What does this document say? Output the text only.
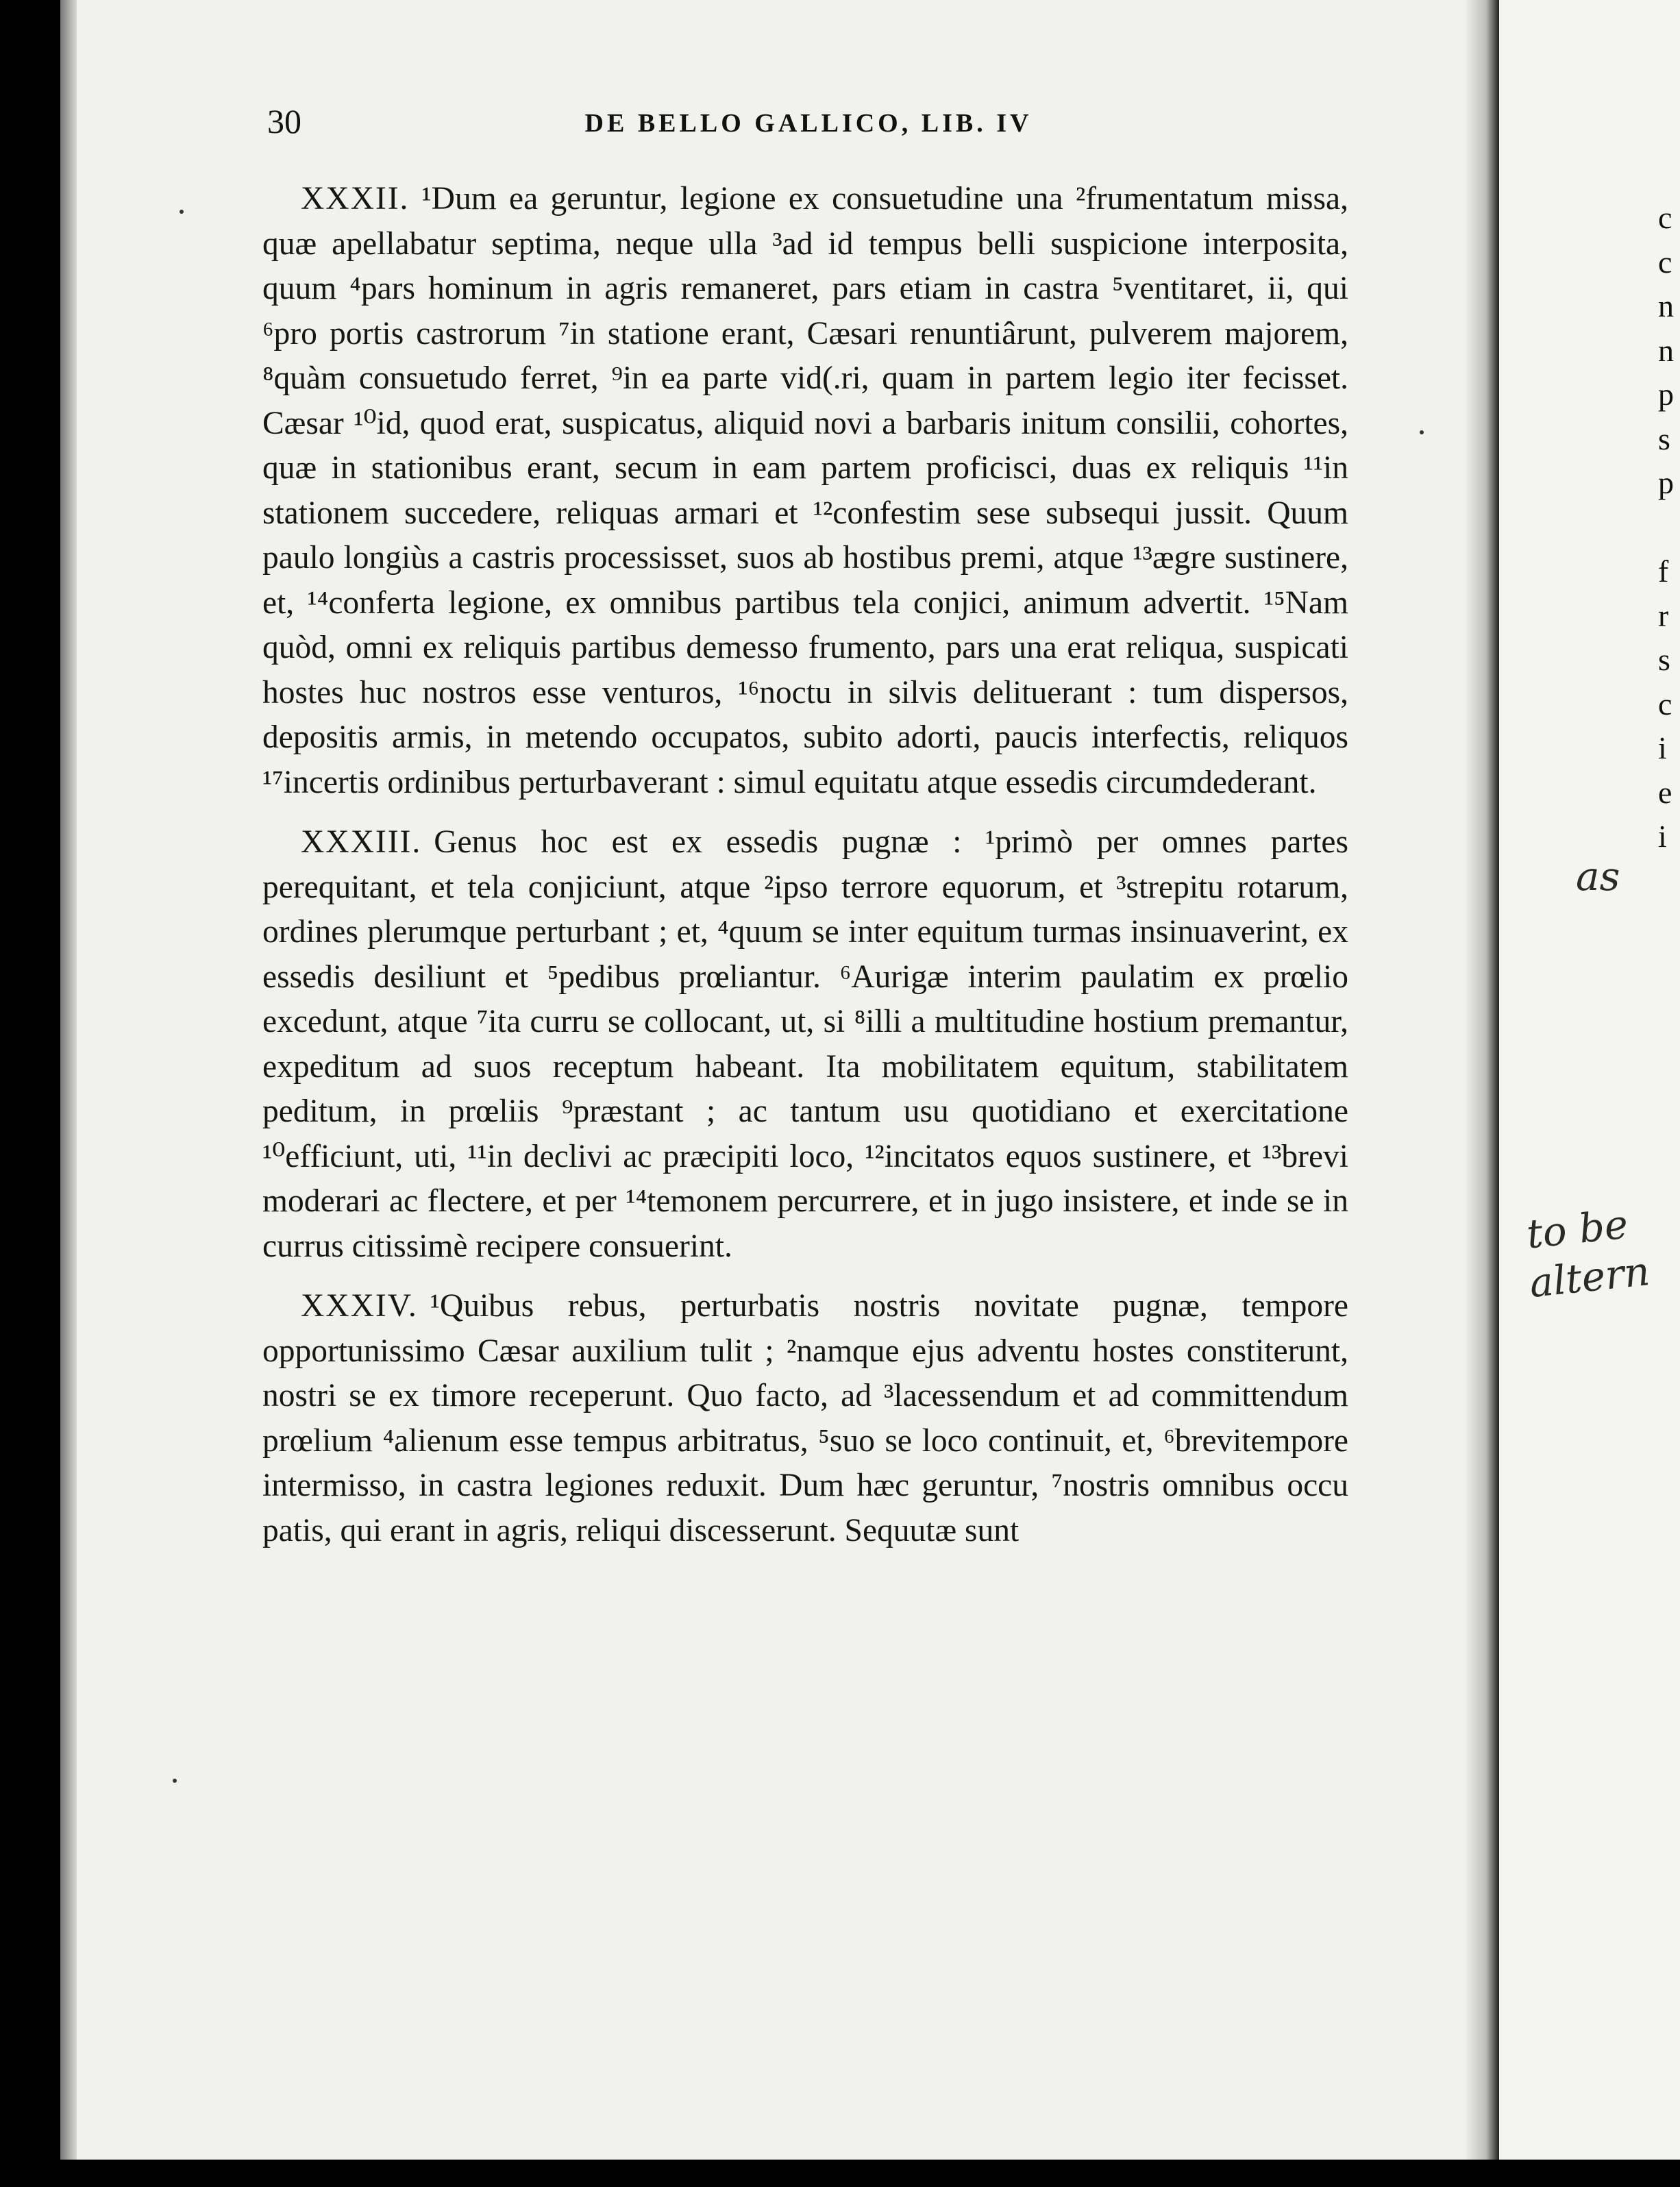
c
c
n
n
p
s
p
f
r
s
c
i
e
i
as
to be
altern
30	DE BELLO GALLICO, LIB. IV

XXXII. ¹Dum ea geruntur, legione ex consuetudine una ²frumentatum missa, quæ apellabatur septima, neque ulla ³ad id tempus belli suspicione interposita, quum ⁴pars hominum in agris remaneret, pars etiam in castra ⁵ventitaret, ii, qui ⁶pro portis castrorum ⁷in statione erant, Cæsari renuntiârunt, pulverem majorem, ⁸quàm consuetudo ferret, ⁹in ea parte vid(.ri, quam in partem legio iter fecisset. Cæsar ¹⁰id, quod erat, suspicatus, aliquid novi a barbaris initum consilii, cohortes, quæ in stationibus erant, secum in eam partem proficisci, duas ex reliquis ¹¹in stationem succedere, reliquas armari et ¹²confestim sese subsequi jussit. Quum paulo longiùs a castris processisset, suos ab hostibus premi, atque ¹³ægre sustinere, et, ¹⁴conferta legione, ex omnibus partibus tela conjici, animum advertit. ¹⁵Nam quòd, omni ex reliquis partibus demesso frumento, pars una erat reliqua, suspicati hostes huc nostros esse venturos, ¹⁶noctu in silvis delituerant : tum dispersos, depositis armis, in metendo occupatos, subito adorti, paucis interfectis, reliquos ¹⁷incertis ordinibus perturbaverant : simul equitatu atque essedis circumdederant.

XXXIII. Genus hoc est ex essedis pugnæ : ¹primò per omnes partes perequitant, et tela conjiciunt, atque ²ipso terrore equorum, et ³strepitu rotarum, ordines plerumque perturbant ; et, ⁴quum se inter equitum turmas insinuaverint, ex essedis desiliunt et ⁵pedibus prœliantur. ⁶Aurigæ interim paulatim ex prœlio excedunt, atque ⁷ita curru se collocant, ut, si ⁸illi a multitudine hostium premantur, expeditum ad suos receptum habeant. Ita mobilitatem equitum, stabilitatem peditum, in prœliis ⁹præstant ; ac tantum usu quotidiano et exercitatione ¹⁰efficiunt, uti, ¹¹in declivi ac præcipiti loco, ¹²incitatos equos sustinere, et ¹³brevi moderari ac flectere, et per ¹⁴temonem percurrere, et in jugo insistere, et inde se in currus citissimè recipere consuerint.

XXXIV. ¹Quibus rebus, perturbatis nostris novitate pugnæ, tempore opportunissimo Cæsar auxilium tulit ; ²namque ejus adventu hostes constiterunt, nostri se ex timore receperunt. Quo facto, ad ³lacessendum et ad committendum prœlium ⁴alienum esse tempus arbitratus, ⁵suo se loco continuit, et, ⁶brevitempore intermisso, in castra legiones reduxit. Dum hæc geruntur, ⁷nostris omnibus occu patis, qui erant in agris, reliqui discesserunt. Sequutæ sunt
